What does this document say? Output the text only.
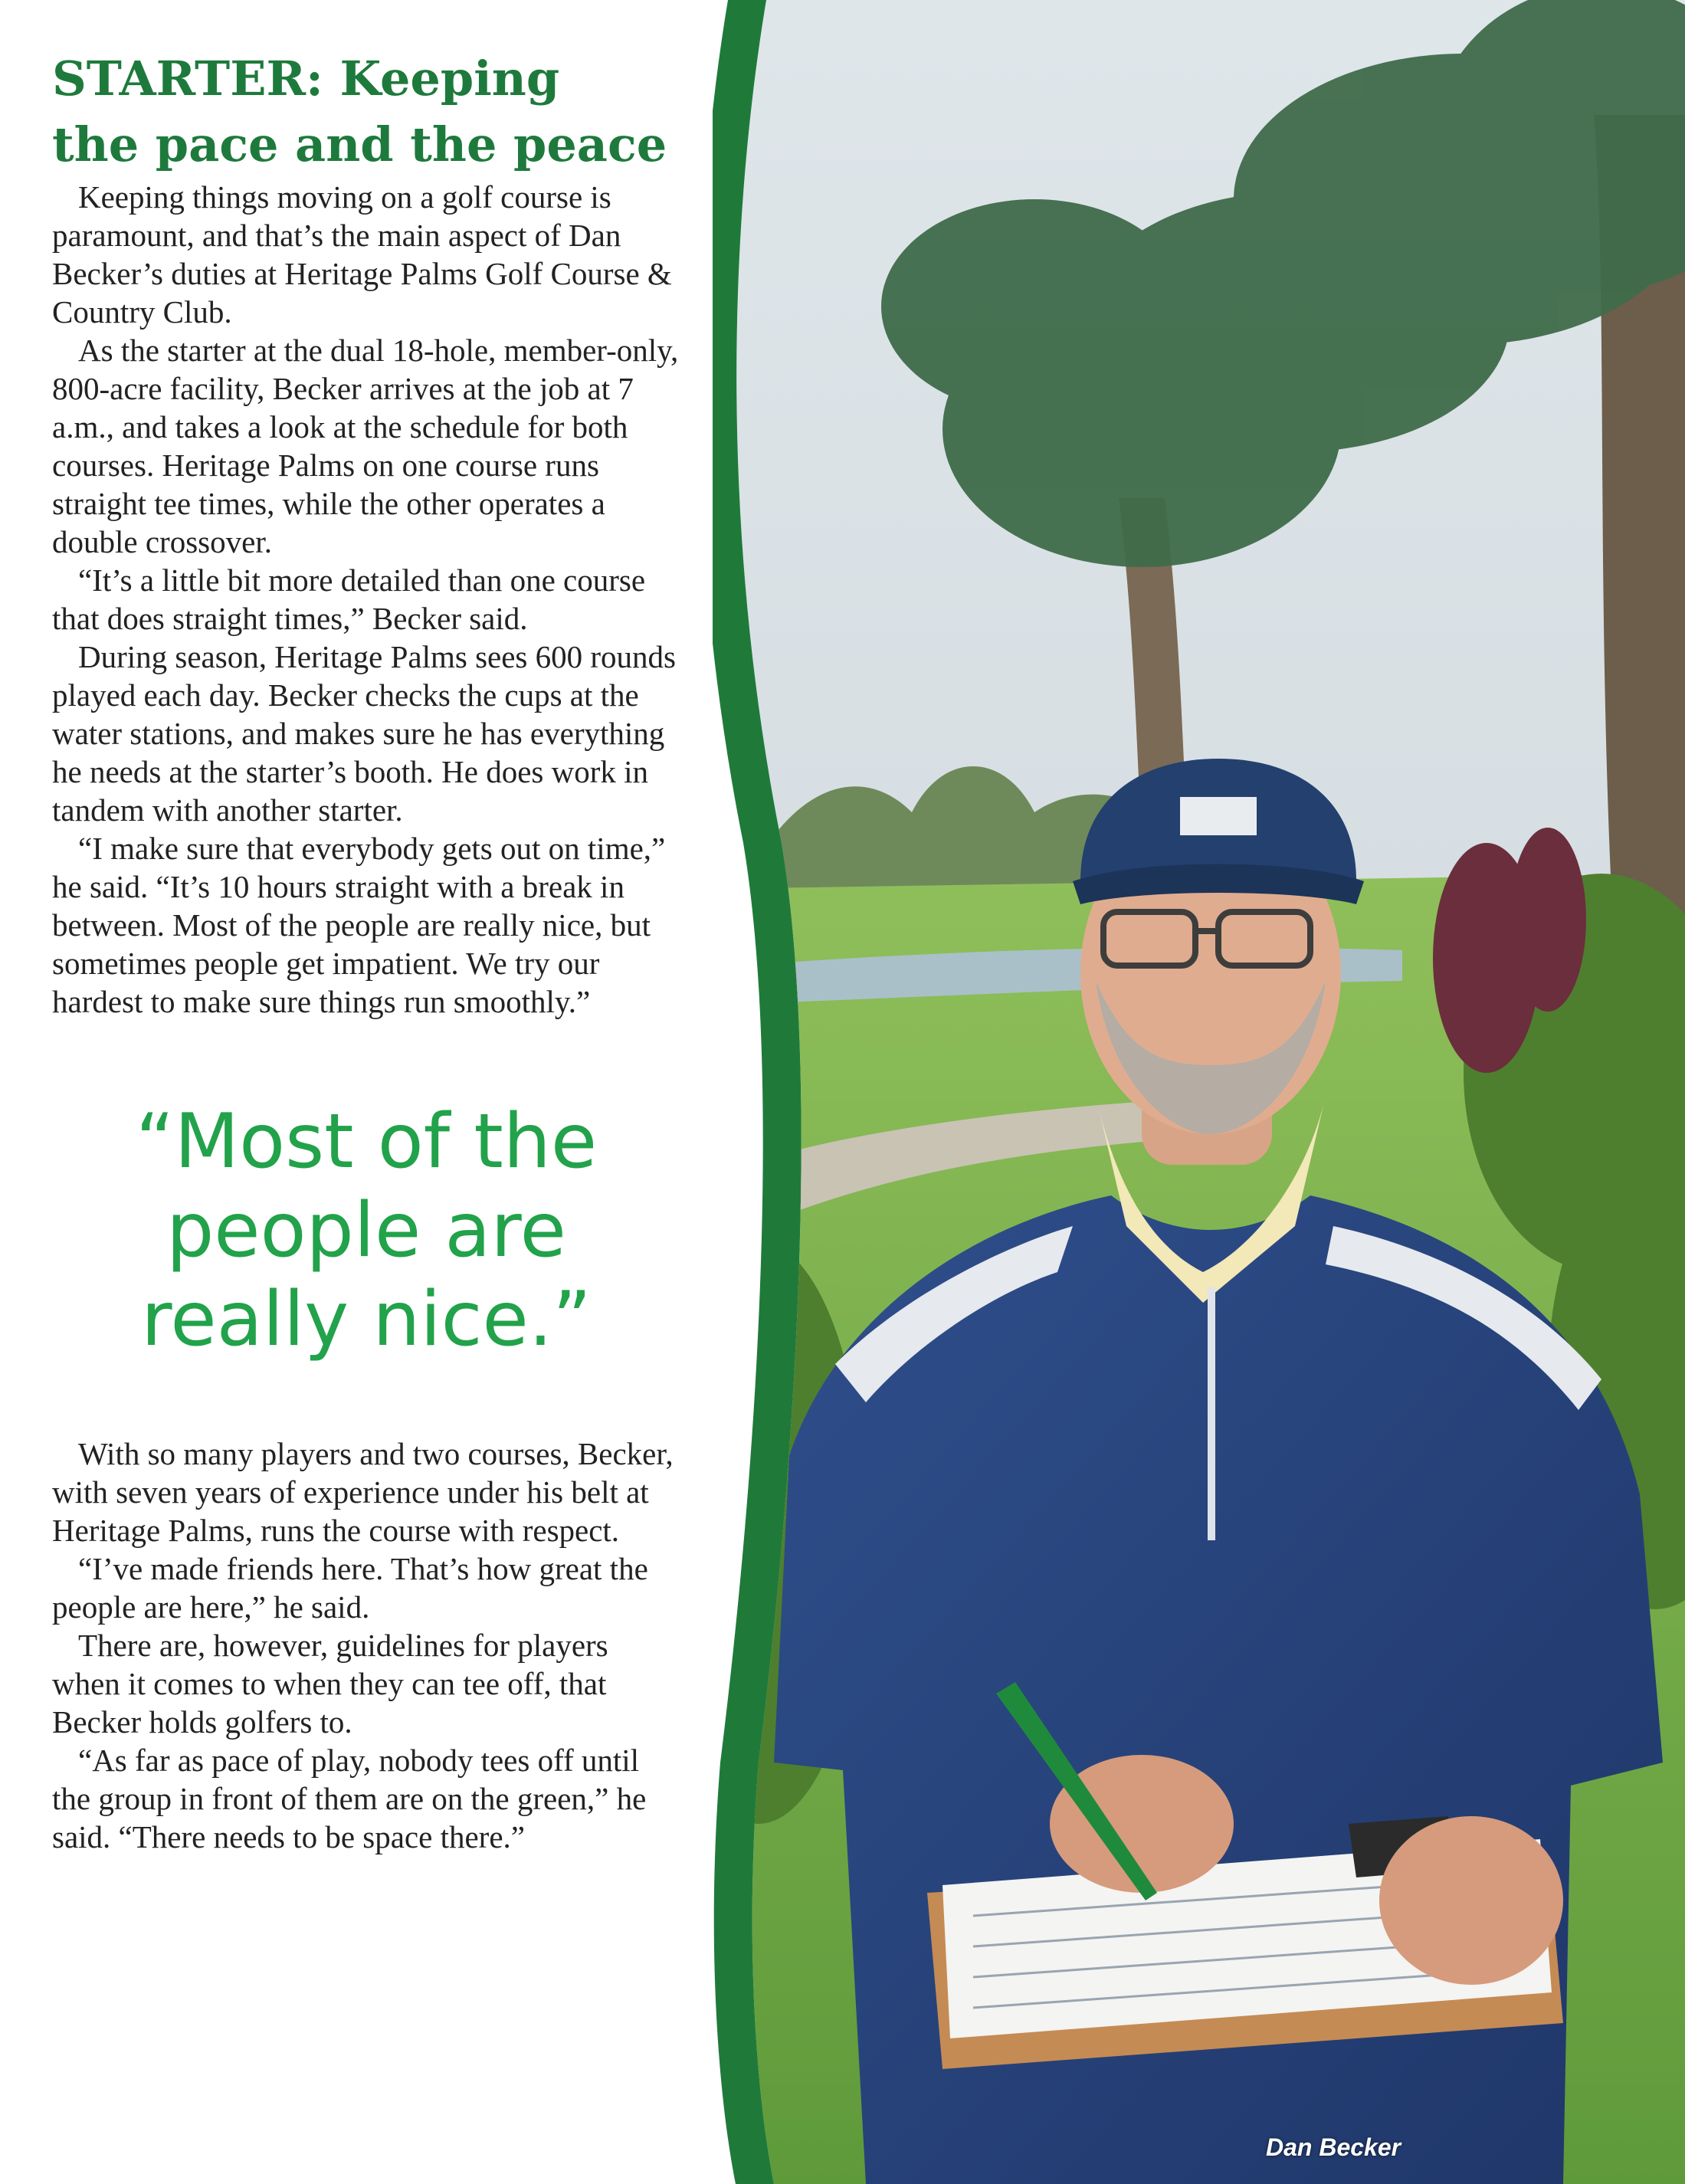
STARTER: Keeping
the pace and the peace

Keeping things moving on a golf course is paramount, and that’s the main aspect of Dan Becker’s duties at Heritage Palms Golf Course & Country Club.

As the starter at the dual 18-hole, member-only, 800-acre facility, Becker arrives at the job at 7 a.m., and takes a look at the schedule for both courses. Heritage Palms on one course runs straight tee times, while the other operates a double crossover.

“It’s a little bit more detailed than one course that does straight times,” Becker said.

During season, Heritage Palms sees 600 rounds played each day. Becker checks the cups at the water stations, and makes sure he has everything he needs at the starter’s booth. He does work in tandem with another starter.

“I make sure that everybody gets out on time,” he said. “It’s 10 hours straight with a break in between. Most of the people are really nice, but sometimes people get impatient. We try our hardest to make sure things run smoothly.”

“Most of the people are really nice.”

With so many players and two courses, Becker, with seven years of experience under his belt at Heritage Palms, runs the course with respect.

“I’ve made friends here. That’s how great the people are here,” he said.

There are, however, guidelines for players when it comes to when they can tee off, that Becker holds golfers to.

“As far as pace of play, nobody tees off until the group in front of them are on the green,” he said. “There needs to be space there.”

Dan Becker
